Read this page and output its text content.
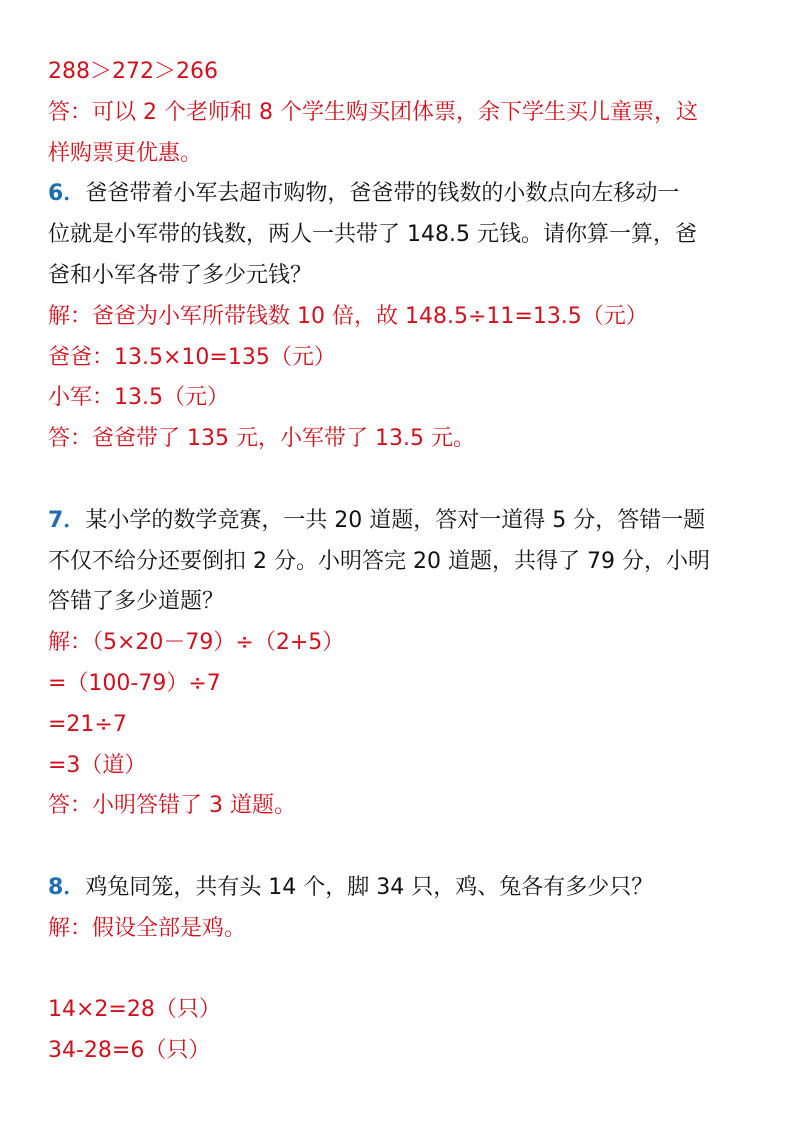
288＞272＞266
答：可以 2 个老师和 8 个学生购买团体票，余下学生买儿童票，这
样购票更优惠。
6．爸爸带着小军去超市购物，爸爸带的钱数的小数点向左移动一
位就是小军带的钱数，两人一共带了 148.5 元钱。请你算一算，爸
爸和小军各带了多少元钱？
解：爸爸为小军所带钱数 10 倍，故 148.5÷11=13.5（元）
爸爸：13.5×10=135（元）
小军：13.5（元）
答：爸爸带了 135 元，小军带了 13.5 元。
7．某小学的数学竞赛，一共 20 道题，答对一道得 5 分，答错一题
不仅不给分还要倒扣 2 分。小明答完 20 道题，共得了 79 分，小明
答错了多少道题？
解：（5×20－79）÷（2+5）
=（100-79）÷7
=21÷7
=3（道）
答：小明答错了 3 道题。
8．鸡兔同笼，共有头 14 个，脚 34 只，鸡、兔各有多少只？
解：假设全部是鸡。
14×2=28（只）
34-28=6（只）
